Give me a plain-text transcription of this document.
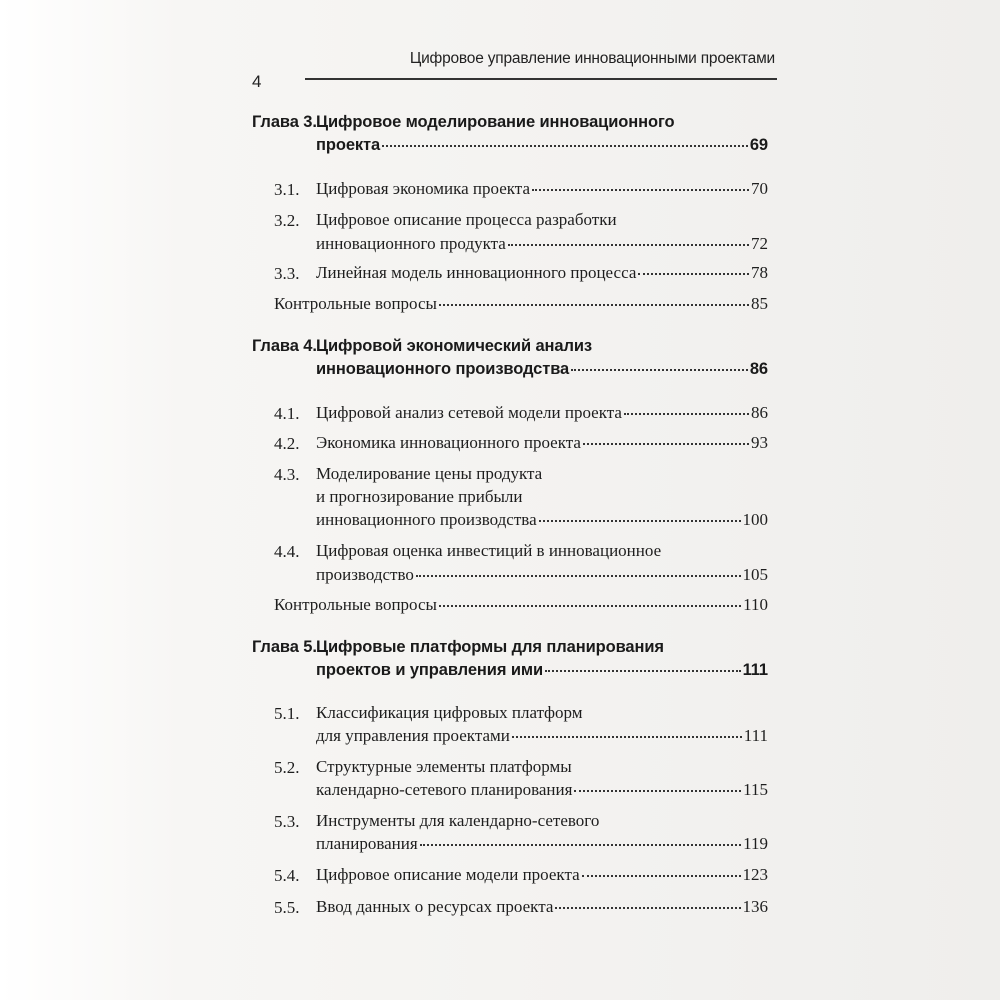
Цифровое управление инновационными проектами
4
Глава 3. Цифровое моделирование инновационного
проекта	69
3.1. Цифровая экономика проекта	70
3.2. Цифровое описание процесса разработки
инновационного продукта	72
3.3. Линейная модель инновационного процесса	78
Контрольные вопросы	85
Глава 4. Цифровой экономический анализ
инновационного производства	86
4.1. Цифровой анализ сетевой модели проекта	86
4.2. Экономика инновационного проекта	93
4.3. Моделирование цены продукта
и прогнозирование прибыли
инновационного производства	100
4.4. Цифровая оценка инвестиций в инновационное
производство	105
Контрольные вопросы	110
Глава 5. Цифровые платформы для планирования
проектов и управления ими	111
5.1. Классификация цифровых платформ
для управления проектами	111
5.2. Структурные элементы платформы
календарно-сетевого планирования	115
5.3. Инструменты для календарно-сетевого
планирования	119
5.4. Цифровое описание модели проекта	123
5.5. Ввод данных о ресурсах проекта	136
